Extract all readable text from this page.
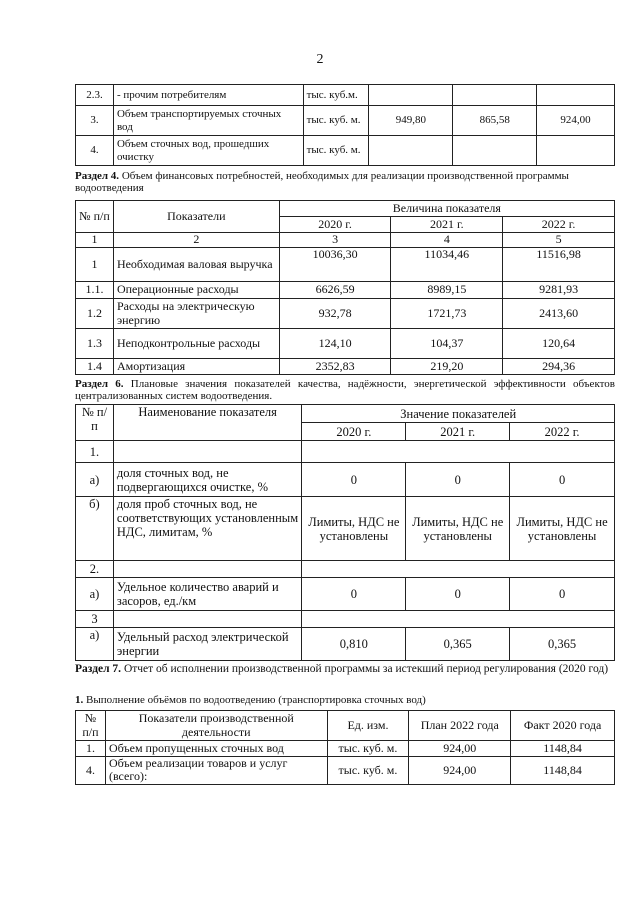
2
2.3.	- прочим потребителям	тыс. куб.м.			
3.	Объем транспортируемых сточных вод	тыс. куб. м.	949,80	865,58	924,00
4.	Объем сточных вод, прошедших очистку	тыс. куб. м.			
Раздел 4. Объем финансовых потребностей, необходимых для реализации производственной программы водоотведения
№ п/п	Показатели	Величина показателя		
		2020 г.	2021 г.	2022 г.
1	2	3	4	5
1	Необходимая валовая выручка	10036,30	11034,46	11516,98
1.1.	Операционные расходы	6626,59	8989,15	9281,93
1.2	Расходы на электрическую энергию	932,78	1721,73	2413,60
1.3	Неподконтрольные расходы	124,10	104,37	120,64
1.4	Амортизация	2352,83	219,20	294,36
Раздел 6. Плановые значения показателей качества, надёжности, энергетической эффективности объектов централизованных систем водоотведения.
№ п/п	Наименование показателя	Значение показателей		
		2020 г.	2021 г.	2022 г.
1.				
а)	доля сточных вод, не подвергающихся очистке, %	0	0	0
б)	доля проб сточных вод, не соответствующих установленным НДС, лимитам, %	Лимиты, НДС не установлены	Лимиты, НДС не установлены	Лимиты, НДС не установлены
2.				
а)	Удельное количество аварий и засоров, ед./км	0	0	0
3				
а)	Удельный расход электрической энергии	0,810	0,365	0,365
Раздел 7. Отчет об исполнении производственной программы за истекший период регулирования (2020 год)
1. Выполнение объёмов по водоотведению (транспортировка сточных вод)
№ п/п	Показатели производственной деятельности	Ед. изм.	План 2022 года	Факт 2020 года
1.	Объем пропущенных сточных вод	тыс. куб. м.	924,00	1148,84
4.	Объем реализации товаров и услуг (всего):	тыс. куб. м.	924,00	1148,84
